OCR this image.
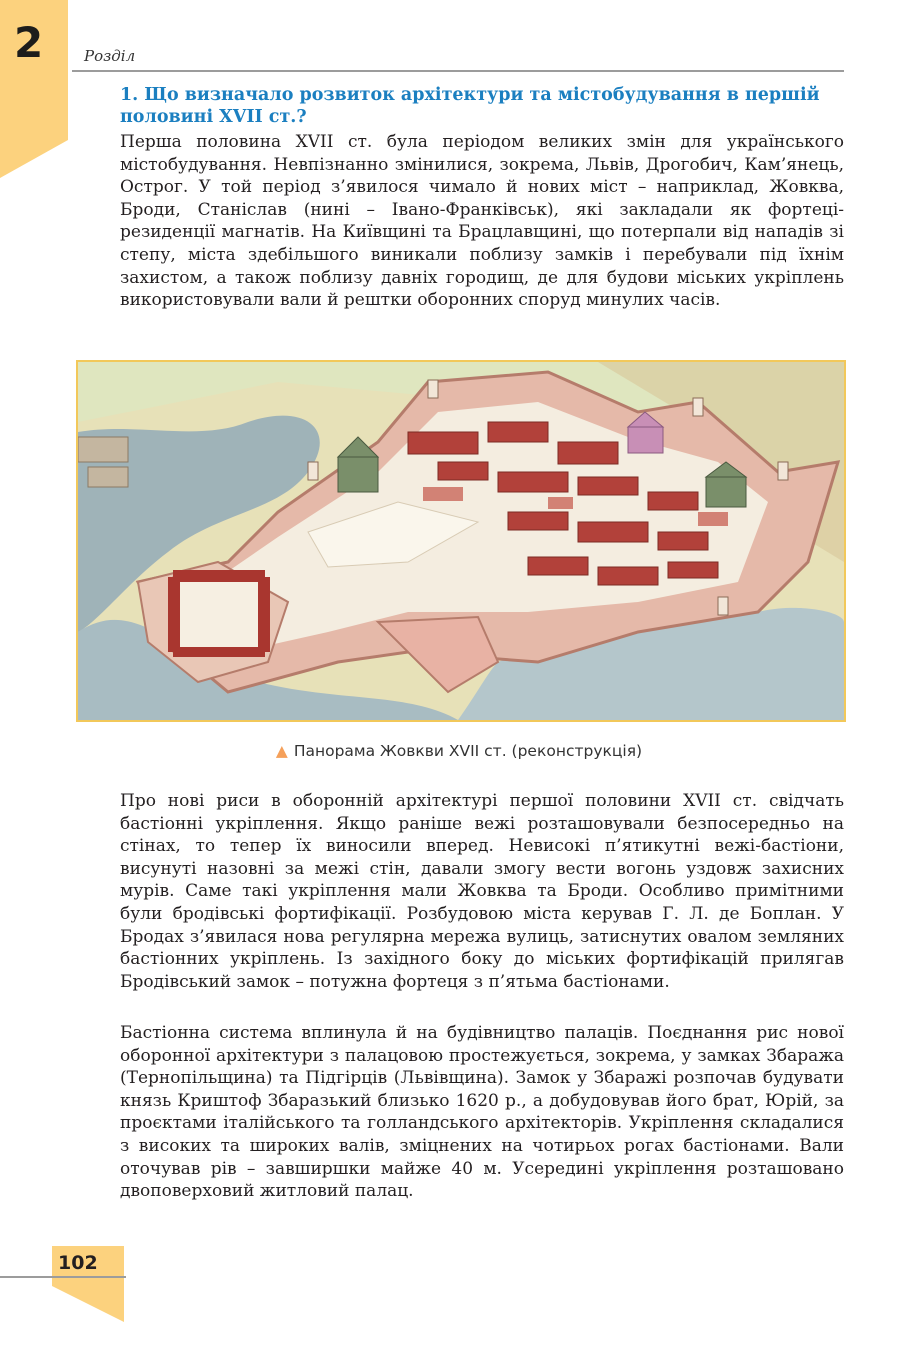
2	Розділ
1. Що визначало розвиток архітектури та містобудування в першій половині XVII ст.?

Перша половина XVII ст. була періодом великих змін для українського містобудування. Невпізнанно змінилися, зокрема, Львів, Дрогобич, Кам’янець, Острог. У той період з’явилося чимало й нових міст – наприклад, Жовква, Броди, Станіслав (нині – Івано-Франківськ), які закладали як фортеці-резиденції магнатів. На Київщині та Брацлавщині, що потерпали від нападів зі степу, міста здебільшого виникали поблизу замків і перебували під їхнім захистом, а також поблизу давніх городищ, де для будови міських укріплень використовували вали й рештки оборонних споруд минулих часів.

▲ Панорама Жовкви XVII ст. (реконструкція)

Про нові риси в оборонній архітектурі першої половини XVII ст. свідчать бастіонні укріплення. Якщо раніше вежі розташовували безпосередньо на стінах, то тепер їх виносили вперед. Невисокі п’ятикутні вежі-бастіони, висунуті назовні за межі стін, давали змогу вести вогонь уздовж захисних мурів. Саме такі укріплення мали Жовква та Броди. Особливо примітними були бродівські фортифікації. Розбудовою міста керував Г. Л. де Боплан. У Бродах з’явилася нова регулярна мережа вулиць, затиснутих овалом земляних бастіонних укріплень. Із західного боку до міських фортифікацій прилягав Бродівський замок – потужна фортеця з п’ятьма бастіонами.

Бастіонна система вплинула й на будівництво палаців. Поєднання рис нової оборонної архітектури з палацовою простежується, зокрема, у замках Збаража (Тернопільщина) та Підгірців (Львівщина). Замок у Збаражі розпочав будувати князь Криштоф Збаразький близько 1620 р., а добудовував його брат, Юрій, за проєктами італійського та голландського архітекторів. Укріплення складалися з високих та широких валів, зміцнених на чотирьох рогах бастіонами. Вали оточував рів – завширшки майже 40 м. Усередині укріплення розташовано двоповерховий житловий палац.

102
